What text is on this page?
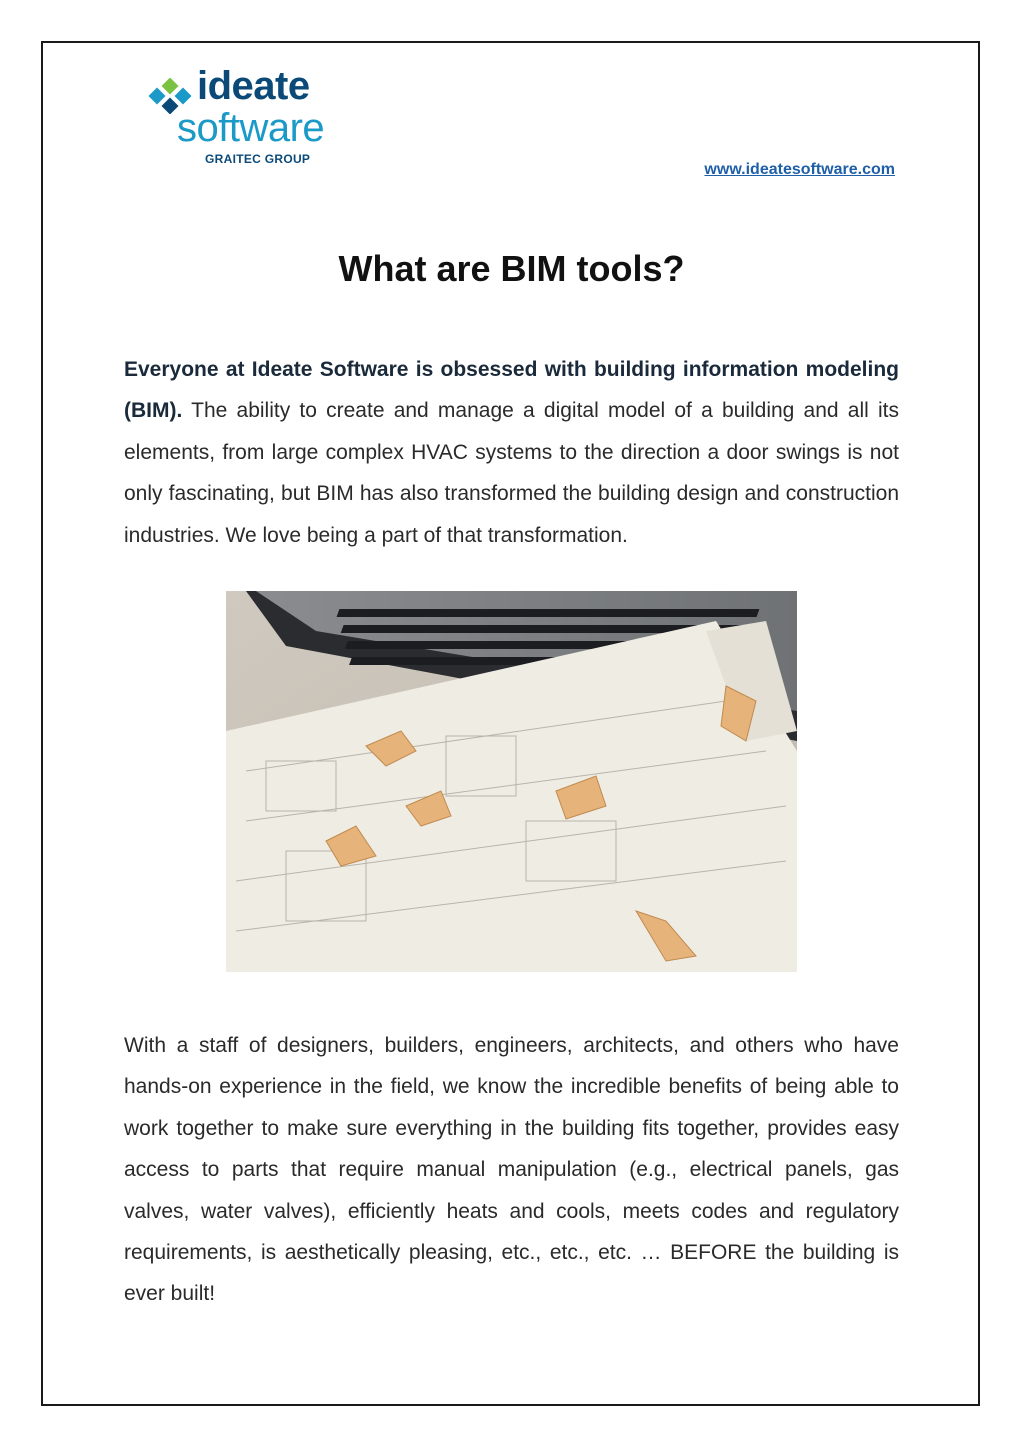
ideate
software
GRAITEC GROUP
www.ideatesoftware.com
What are BIM tools?

Everyone at Ideate Software is obsessed with building information modeling (BIM). The ability to create and manage a digital model of a building and all its elements, from large complex HVAC systems to the direction a door swings is not only fascinating, but BIM has also transformed the building design and construction industries. We love being a part of that transformation.

With a staff of designers, builders, engineers, architects, and others who have hands-on experience in the field, we know the incredible benefits of being able to work together to make sure everything in the building fits together, provides easy access to parts that require manual manipulation (e.g., electrical panels, gas valves, water valves), efficiently heats and cools, meets codes and regulatory requirements, is aesthetically pleasing, etc., etc., etc. … BEFORE the building is ever built!
